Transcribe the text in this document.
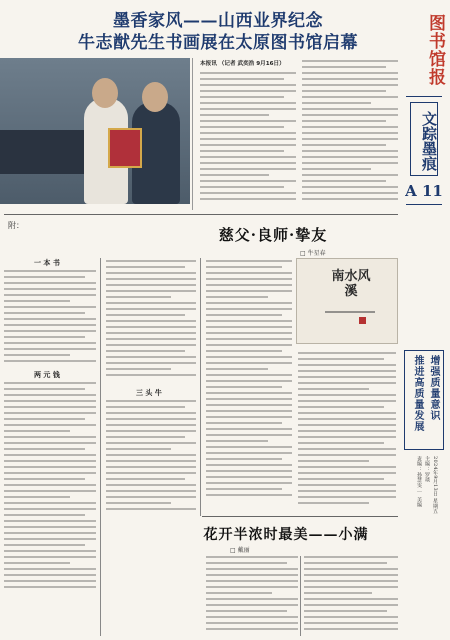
墨香家风——山西业界纪念
牛志猷先生书画展在太原图书馆启幕	图书馆报
文踪墨痕
A 11
增强质量意识
推进高质量发展
2024年9月13日 星期五
主编：罗琰
责编：孙慧雯 ｜ 美编
本报讯 （记者 武奕浩 9月16日）
附：
慈父·良师·挚友
□ 牛星春
一 本 书
两 元 钱
三 头 牛
南水风溪
花开半浓时最美——小满
□ 戴丽
